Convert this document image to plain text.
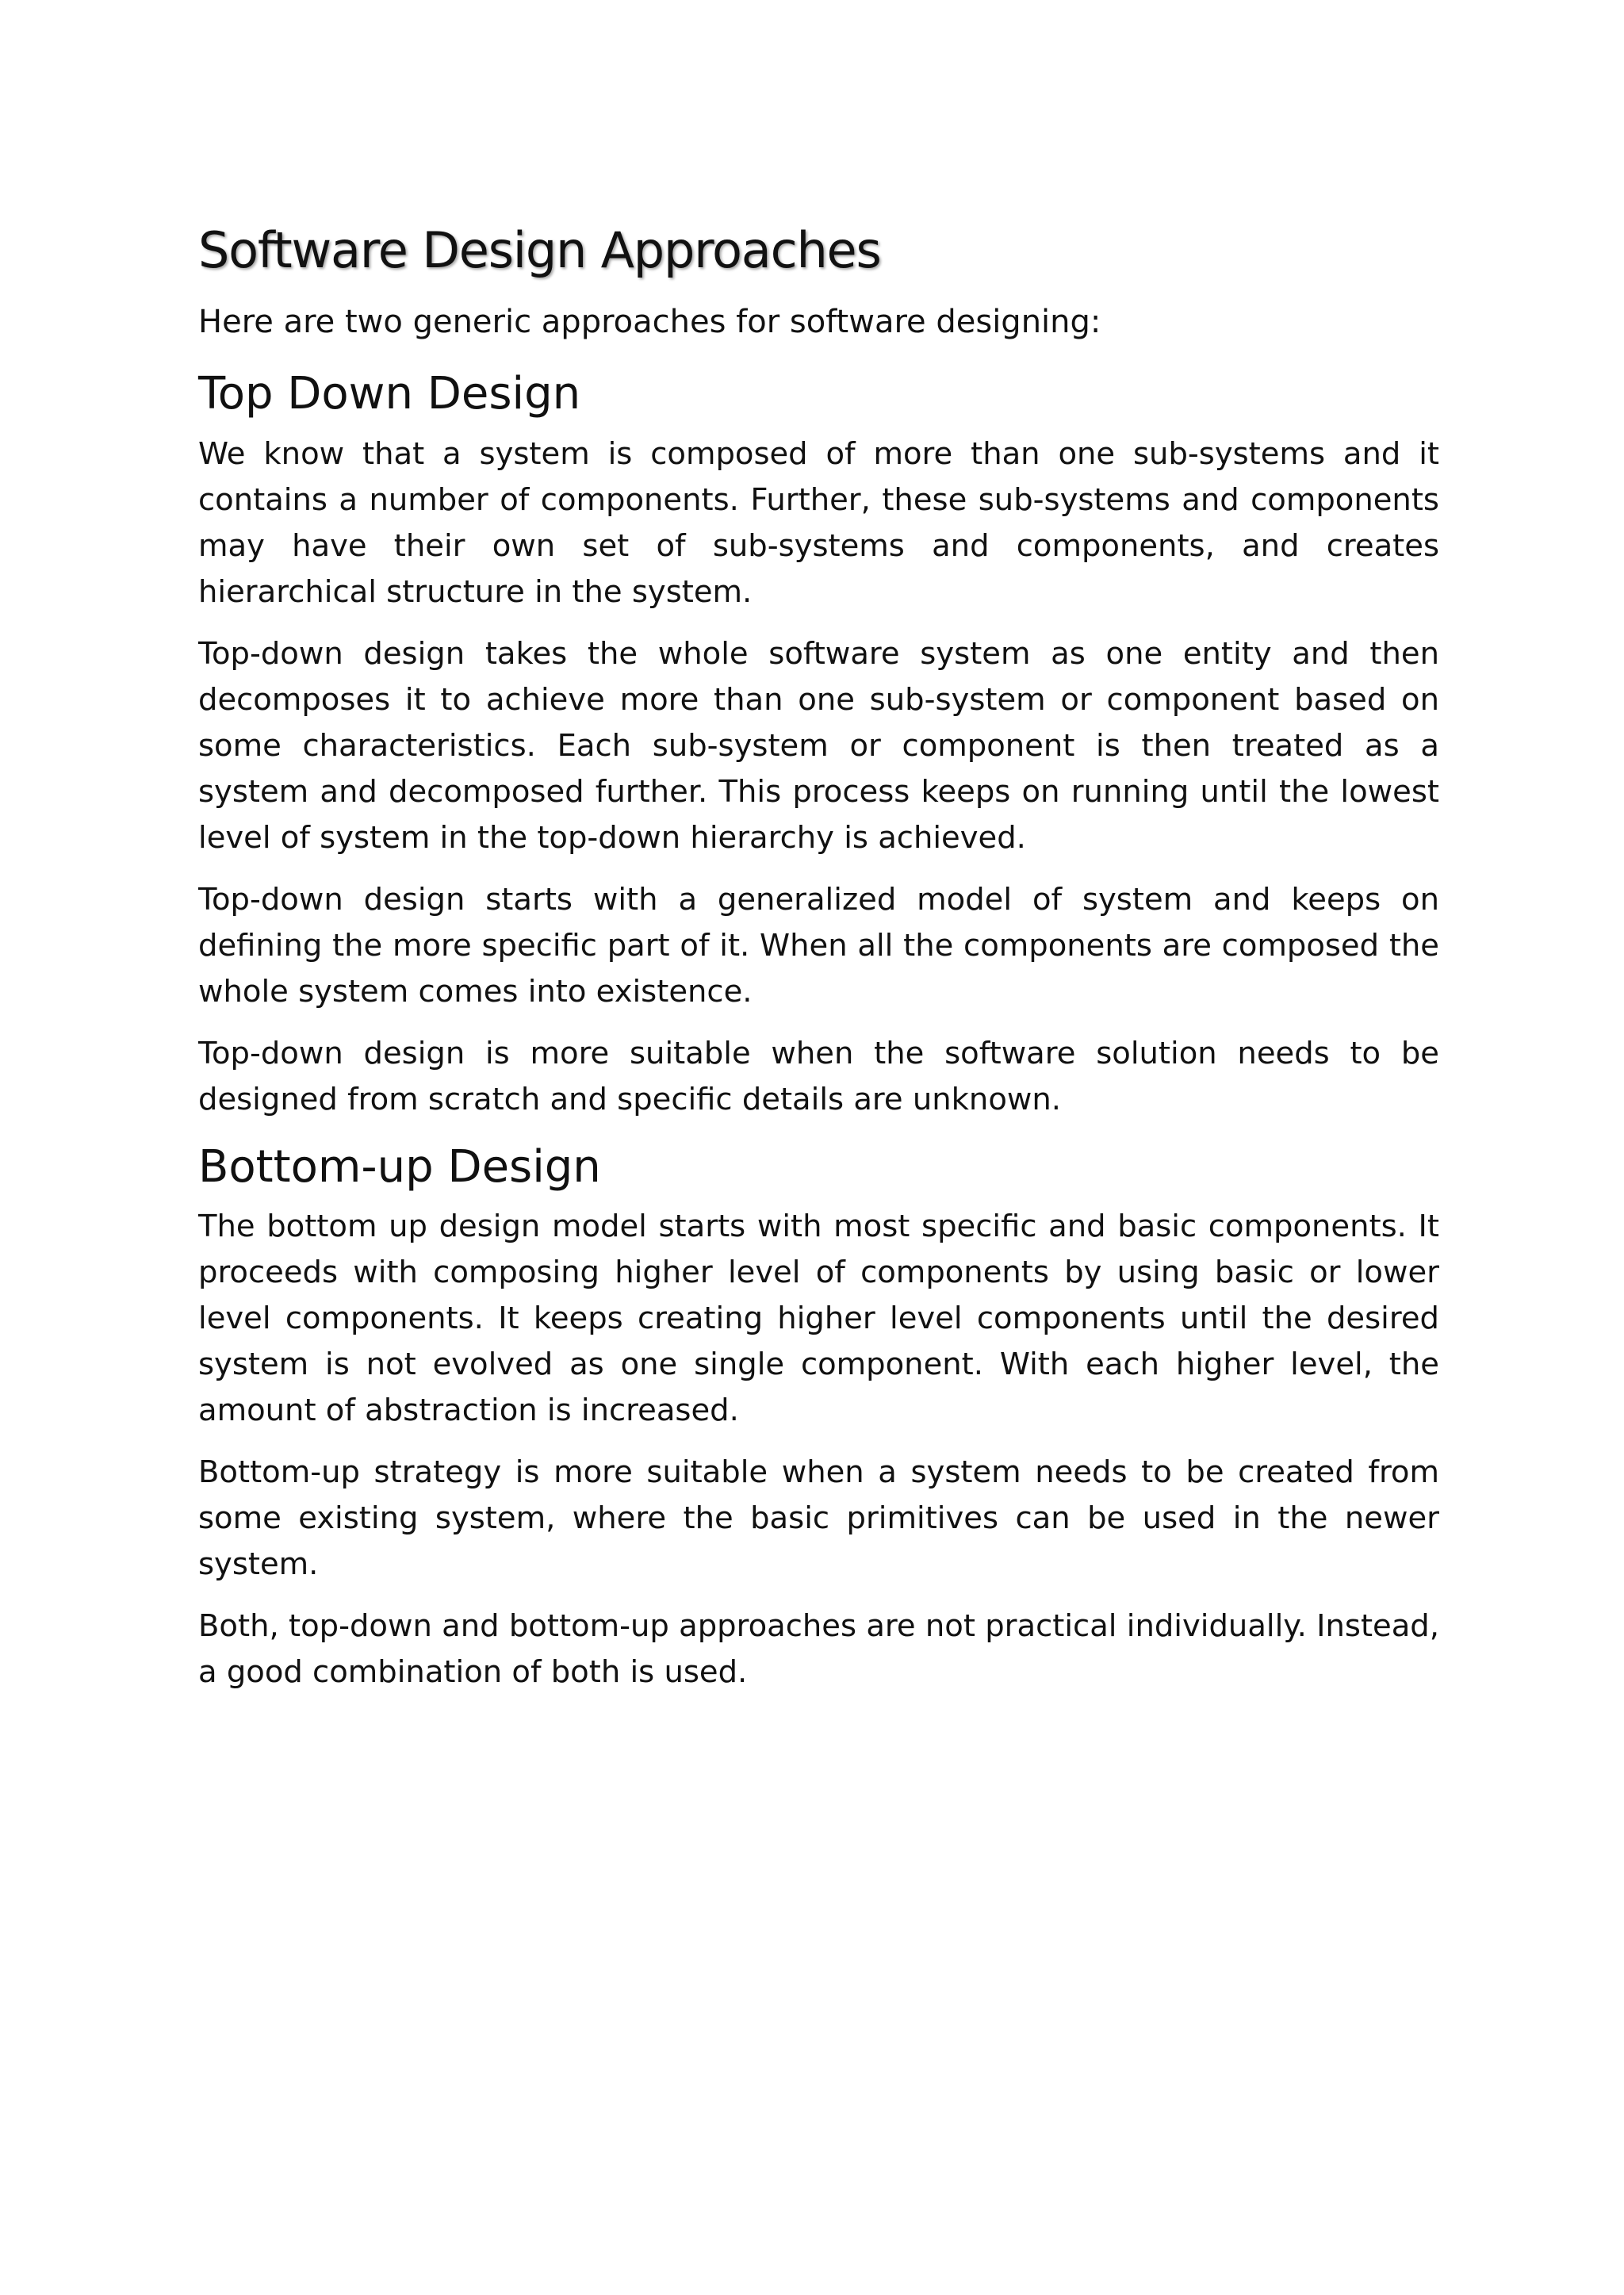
Software Design Approaches

Here are two generic approaches for software designing:

Top Down Design

We know that a system is composed of more than one sub-systems and it contains a number of components. Further, these sub-systems and components may have their own set of sub-systems and components, and creates hierarchical structure in the system.

Top-down design takes the whole software system as one entity and then decomposes it to achieve more than one sub-system or component based on some characteristics. Each sub-system or component is then treated as a system and decomposed further. This process keeps on running until the lowest level of system in the top-down hierarchy is achieved.

Top-down design starts with a generalized model of system and keeps on defining the more specific part of it. When all the components are composed the whole system comes into existence.

Top-down design is more suitable when the software solution needs to be designed from scratch and specific details are unknown.

Bottom-up Design

The bottom up design model starts with most specific and basic components. It proceeds with composing higher level of components by using basic or lower level components. It keeps creating higher level components until the desired system is not evolved as one single component. With each higher level, the amount of abstraction is increased.

Bottom-up strategy is more suitable when a system needs to be created from some existing system, where the basic primitives can be used in the newer system.

Both, top-down and bottom-up approaches are not practical individually. Instead, a good combination of both is used.
